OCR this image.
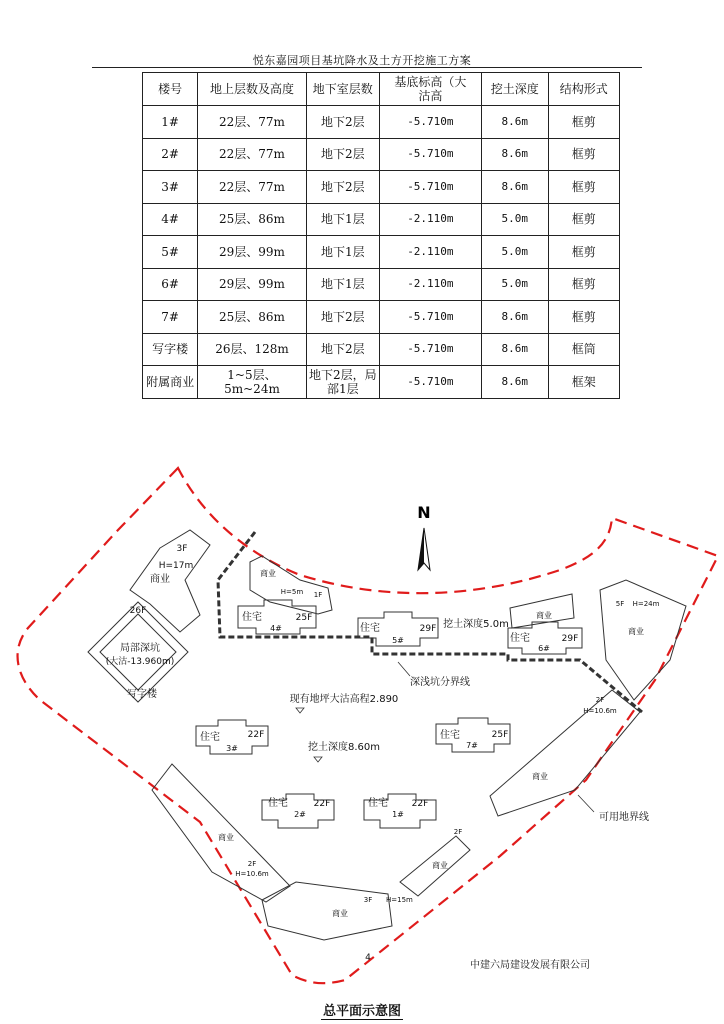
悦东嘉园项目基坑降水及土方开挖施工方案
楼号	地上层数及高度	地下室层数	基底标高（大沽高	挖土深度	结构形式
1#	22层、77m	地下2层	-5.710m	8.6m	框剪
2#	22层、77m	地下2层	-5.710m	8.6m	框剪
3#	22层、77m	地下2层	-5.710m	8.6m	框剪
4#	25层、86m	地下1层	-2.110m	5.0m	框剪
5#	29层、99m	地下1层	-2.110m	5.0m	框剪
6#	29层、99m	地下1层	-2.110m	5.0m	框剪
7#	25层、86m	地下2层	-5.710m	8.6m	框剪
写字楼	26层、128m	地下2层	-5.710m	8.6m	框筒
附属商业	1~5层、5m~24m	地下2层，局部1层	-5.710m	8.6m	框架
N
3F
H=17m
商业
26F
局部深坑
(大沽-13.960m)
写字楼
商业
H=5m 1F
住宅	25F
4#	住宅	29F
5#
挖土深度5.0m
商业
住宅	29F
6#
5F H=24m
商业
深浅坑分界线
现有地坪大沽高程2.890
住宅	22F
3#
住宅	25F
7#
挖土深度8.60m
2F
H=10.6m
商业
住宅	22F
2#
住宅	22F
1#
商业
2F
H=10.6m
3F H=15m
商业
2F
商业
可用地界线
4
中建六局建设发展有限公司
总平面示意图
